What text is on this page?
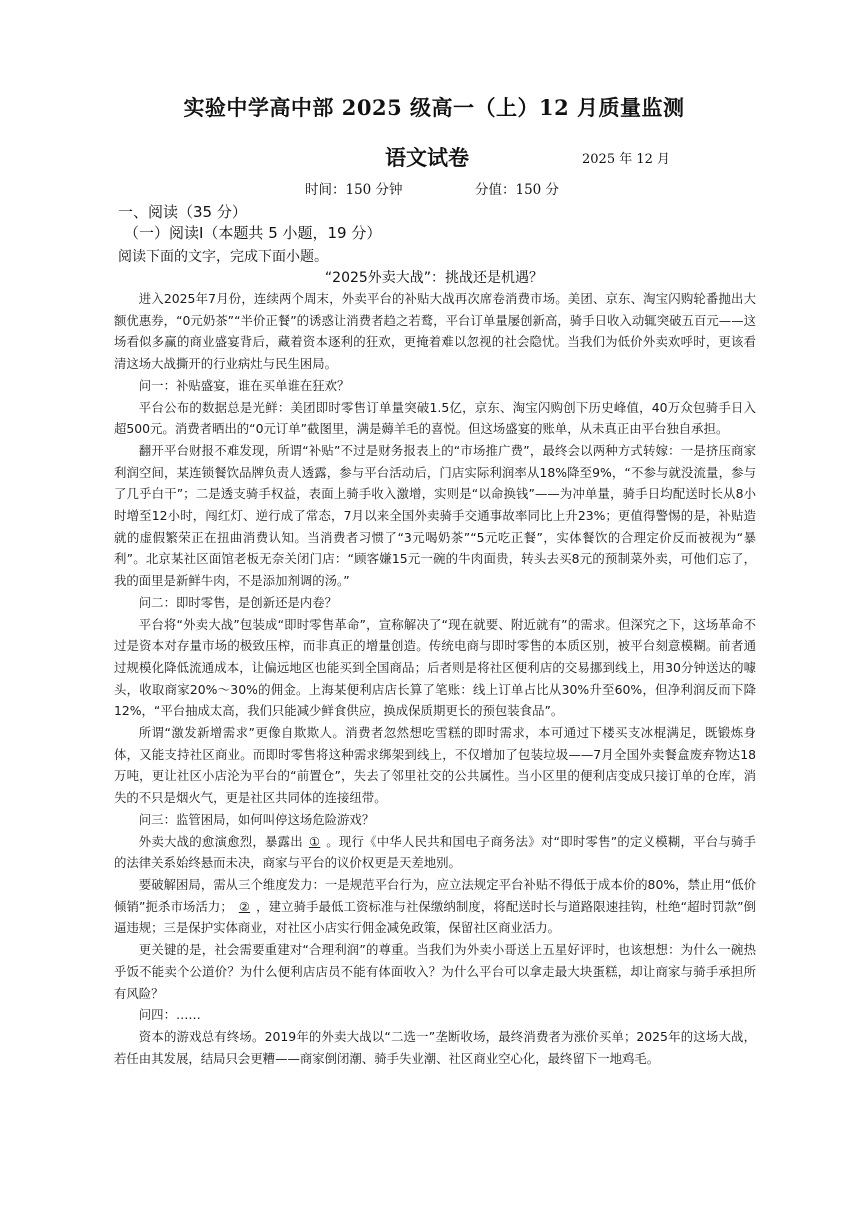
实验中学高中部 2025 级高一（上）12 月质量监测
语文试卷	2025 年 12 月
时间：150 分钟	分值：150 分
一、阅读（35 分）
（一）阅读Ⅰ（本题共 5 小题，19 分）
阅读下面的文字，完成下面小题。
“2025外卖大战”：挑战还是机遇？

进入2025年7月份，连续两个周末，外卖平台的补贴大战再次席卷消费市场。美团、京东、淘宝闪购轮番抛出大额优惠券，“0元奶茶”“半价正餐”的诱惑让消费者趋之若鹜，平台订单量屡创新高，骑手日收入动辄突破五百元——这场看似多赢的商业盛宴背后，藏着资本逐利的狂欢，更掩着难以忽视的社会隐忧。当我们为低价外卖欢呼时，更该看清这场大战撕开的行业病灶与民生困局。

问一：补贴盛宴，谁在买单谁在狂欢？

平台公布的数据总是光鲜：美团即时零售订单量突破1.5亿，京东、淘宝闪购创下历史峰值，40万众包骑手日入超500元。消费者晒出的“0元订单”截图里，满是薅羊毛的喜悦。但这场盛宴的账单，从未真正由平台独自承担。

翻开平台财报不难发现，所谓“补贴”不过是财务报表上的“市场推广费”，最终会以两种方式转嫁：一是挤压商家利润空间，某连锁餐饮品牌负责人透露，参与平台活动后，门店实际利润率从18%降至9%，“不参与就没流量，参与了几乎白干”；二是透支骑手权益，表面上骑手收入激增，实则是“以命换钱”——为冲单量，骑手日均配送时长从8小时增至12小时，闯红灯、逆行成了常态，7月以来全国外卖骑手交通事故率同比上升23%；更值得警惕的是，补贴造就的虚假繁荣正在扭曲消费认知。当消费者习惯了“3元喝奶茶”“5元吃正餐”，实体餐饮的合理定价反而被视为“暴利”。北京某社区面馆老板无奈关闭门店：“顾客嫌15元一碗的牛肉面贵，转头去买8元的预制菜外卖，可他们忘了，我的面里是新鲜牛肉，不是添加剂调的汤。”

问二：即时零售，是创新还是内卷？

平台将“外卖大战”包装成“即时零售革命”，宣称解决了“现在就要、附近就有”的需求。但深究之下，这场革命不过是资本对存量市场的极致压榨，而非真正的增量创造。传统电商与即时零售的本质区别，被平台刻意模糊。前者通过规模化降低流通成本，让偏远地区也能买到全国商品；后者则是将社区便利店的交易挪到线上，用30分钟送达的噱头，收取商家20%～30%的佣金。上海某便利店店长算了笔账：线上订单占比从30%升至60%，但净利润反而下降12%，“平台抽成太高，我们只能减少鲜食供应，换成保质期更长的预包装食品”。

所谓“激发新增需求”更像自欺欺人。消费者忽然想吃雪糕的即时需求，本可通过下楼买支冰棍满足，既锻炼身体，又能支持社区商业。而即时零售将这种需求绑架到线上，不仅增加了包装垃圾——7月全国外卖餐盒废弃物达18万吨，更让社区小店沦为平台的“前置仓”，失去了邻里社交的公共属性。当小区里的便利店变成只接订单的仓库，消失的不只是烟火气，更是社区共同体的连接纽带。

问三：监管困局，如何叫停这场危险游戏？

外卖大战的愈演愈烈，暴露出 ① 。现行《中华人民共和国电子商务法》对“即时零售”的定义模糊，平台与骑手的法律关系始终悬而未决，商家与平台的议价权更是天差地别。

要破解困局，需从三个维度发力：一是规范平台行为，应立法规定平台补贴不得低于成本价的80%，禁止用“低价倾销”扼杀市场活力； ② ，建立骑手最低工资标准与社保缴纳制度，将配送时长与道路限速挂钩，杜绝“超时罚款”倒逼违规；三是保护实体商业，对社区小店实行佣金减免政策，保留社区商业活力。

更关键的是，社会需要重建对“合理利润”的尊重。当我们为外卖小哥送上五星好评时，也该想想：为什么一碗热乎饭不能卖个公道价？为什么便利店店员不能有体面收入？为什么平台可以拿走最大块蛋糕，却让商家与骑手承担所有风险？

问四：……

资本的游戏总有终场。2019年的外卖大战以“二选一”垄断收场，最终消费者为涨价买单；2025年的这场大战，若任由其发展，结局只会更糟——商家倒闭潮、骑手失业潮、社区商业空心化，最终留下一地鸡毛。
